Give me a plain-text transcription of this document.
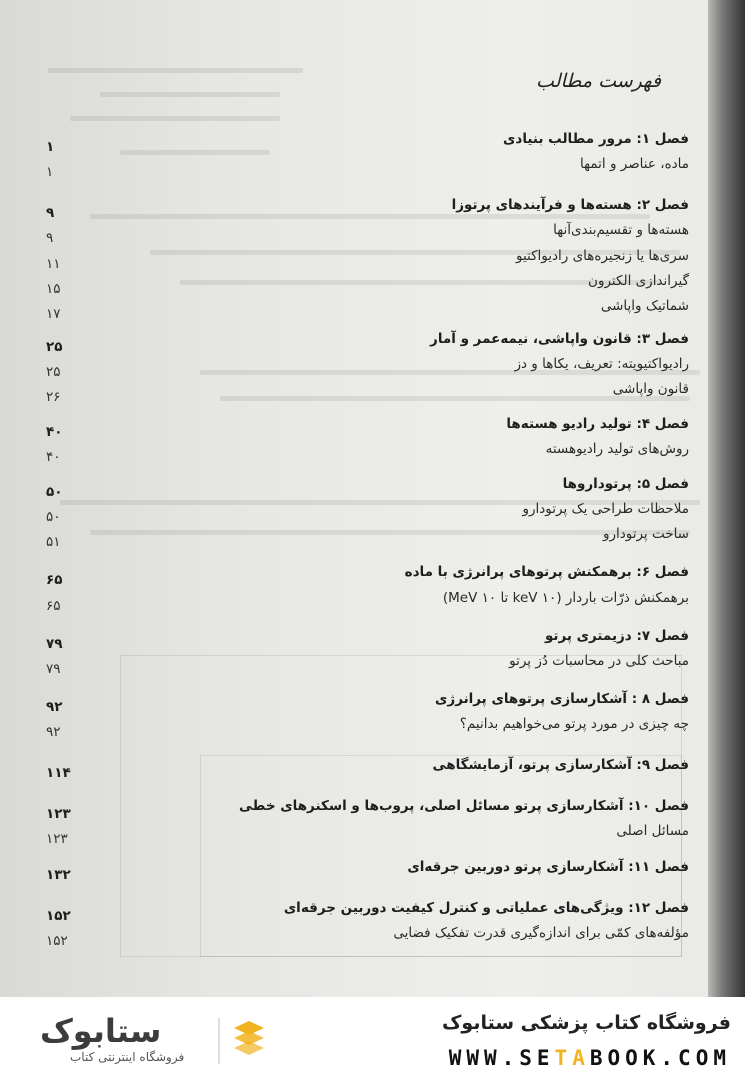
فهرست مطالب
فصل ۱: مرور مطالب بنیادی
۱
ماده، عناصر و اتمها
۱
فصل ۲: هسته‌ها و فرآیندهای پرتوزا
۹
هسته‌ها و تقسیم‌بندی‌آنها
۹
سری‌ها یا زنجیره‌های رادیواکتیو
۱۱
گیراندازی الکترون
۱۵
شماتیک واپاشی
۱۷
فصل ۳: قانون واپاشی، نیمه‌عمر و آمار
۲۵
رادیواکتیویته: تعریف، یکاها و دز
۲۵
قانون واپاشی
۲۶
فصل ۴: تولید رادیو هسته‌ها
۴۰
روش‌های تولید رادیوهسته
۴۰
فصل ۵: پرتودارو‌ها
۵۰
ملاحظات طراحی یک پرتودارو
۵۰
ساخت پرتودارو
۵۱
فصل ۶: برهمکنش پرتوهای پرانرژی با ماده
۶۵
برهمکنش ذرّات باردار (۱۰ keV تا ۱۰ MeV)
۶۵
فصل ۷: دزیمتری پرتو
۷۹
مباحث کلی در محاسبات دُز پرتو
۷۹
فصل ۸ : آشکارسازی پرتوهای پرانرژی
۹۲
چه چیزی در مورد پرتو می‌خواهیم بدانیم؟
۹۲
فصل ۹: آشکارسازی پرتو، آزمایشگاهی
۱۱۴
فصل ۱۰: آشکارسازی پرتو مسائل اصلی، پروب‌ها و اسکنرهای خطی
۱۲۳
مسائل اصلی
۱۲۳
فصل ۱۱: آشکارسازی پرتو دوربین جرقه‌ای
۱۳۲
فصل ۱۲: ویژگی‌های عملیاتی و کنترل کیفیت دوربین جرقه‌ای
۱۵۲
مؤلفه‌های کمّی برای اندازه‌گیری قدرت تفکیک فضایی
۱۵۲
ستابوک
فروشگاه اینترنتی کتاب
فروشگاه کتاب پزشکی ستابوک
WWW.SETABOOK.COM
